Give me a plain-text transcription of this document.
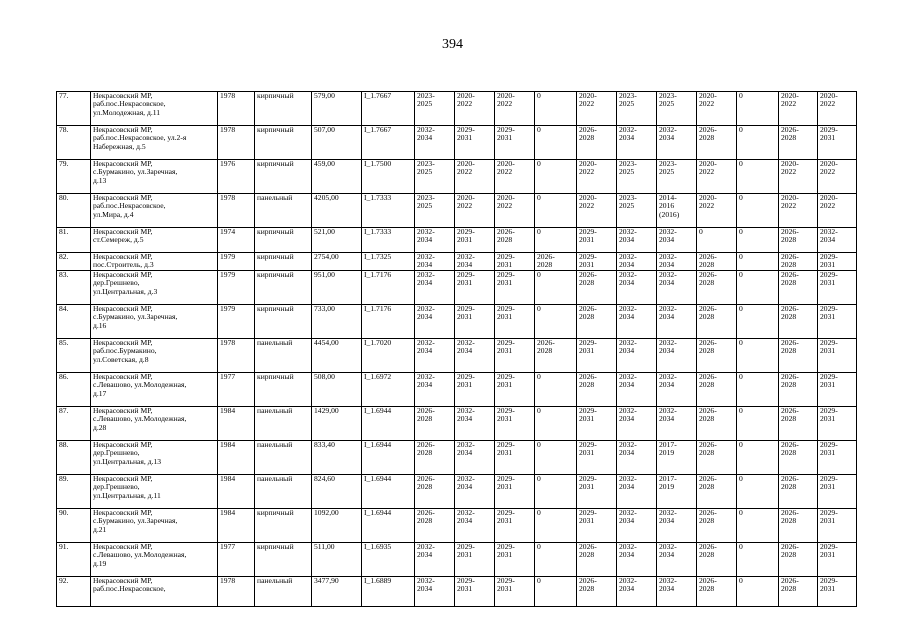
394
77.	Некрасовский МР,
раб.пос.Некрасовское,
ул.Молодежная, д.11	1978	кирпичный	579,00	I_1.7667	2023-
2025	2020-
2022	2020-
2022	0	2020-
2022	2023-
2025	2023-
2025	2020-
2022	0	2020-
2022	2020-
2022
78.	Некрасовский МР,
раб.пос.Некрасовское, ул.2-я
Набережная, д.5	1978	кирпичный	507,00	I_1.7667	2032-
2034	2029-
2031	2029-
2031	0	2026-
2028	2032-
2034	2032-
2034	2026-
2028	0	2026-
2028	2029-
2031
79.	Некрасовский МР,
с.Бурмакино, ул.Заречная,
д.13	1976	кирпичный	459,00	I_1.7500	2023-
2025	2020-
2022	2020-
2022	0	2020-
2022	2023-
2025	2023-
2025	2020-
2022	0	2020-
2022	2020-
2022
80.	Некрасовский МР,
раб.пос.Некрасовское,
ул.Мира, д.4	1978	панельный	4205,00	I_1.7333	2023-
2025	2020-
2022	2020-
2022	0	2020-
2022	2023-
2025	2014-
2016
(2016)	2020-
2022	0	2020-
2022	2020-
2022
81.	Некрасовский МР,
ст.Семереж, д.5	1974	кирпичный	521,00	I_1.7333	2032-
2034	2029-
2031	2026-
2028	0	2029-
2031	2032-
2034	2032-
2034	0	0	2026-
2028	2032-
2034
82.	Некрасовский МР,
пос.Строитель, д.3	1979	кирпичный	2754,00	I_1.7325	2032-
2034	2032-
2034	2029-
2031	2026-
2028	2029-
2031	2032-
2034	2032-
2034	2026-
2028	0	2026-
2028	2029-
2031
83.	Некрасовский МР,
дер.Грешнево,
ул.Центральная, д.3	1979	кирпичный	951,00	I_1.7176	2032-
2034	2029-
2031	2029-
2031	0	2026-
2028	2032-
2034	2032-
2034	2026-
2028	0	2026-
2028	2029-
2031
84.	Некрасовский МР,
с.Бурмакино, ул.Заречная,
д.16	1979	кирпичный	733,00	I_1.7176	2032-
2034	2029-
2031	2029-
2031	0	2026-
2028	2032-
2034	2032-
2034	2026-
2028	0	2026-
2028	2029-
2031
85.	Некрасовский МР,
раб.пос.Бурмакино,
ул.Советская, д.8	1978	панельный	4454,00	I_1.7020	2032-
2034	2032-
2034	2029-
2031	2026-
2028	2029-
2031	2032-
2034	2032-
2034	2026-
2028	0	2026-
2028	2029-
2031
86.	Некрасовский МР,
с.Левашово, ул.Молодежная,
д.17	1977	кирпичный	508,00	I_1.6972	2032-
2034	2029-
2031	2029-
2031	0	2026-
2028	2032-
2034	2032-
2034	2026-
2028	0	2026-
2028	2029-
2031
87.	Некрасовский МР,
с.Левашово, ул.Молодежная,
д.28	1984	панельный	1429,00	I_1.6944	2026-
2028	2032-
2034	2029-
2031	0	2029-
2031	2032-
2034	2032-
2034	2026-
2028	0	2026-
2028	2029-
2031
88.	Некрасовский МР,
дер.Грешнево,
ул.Центральная, д.13	1984	панельный	833,40	I_1.6944	2026-
2028	2032-
2034	2029-
2031	0	2029-
2031	2032-
2034	2017-
2019	2026-
2028	0	2026-
2028	2029-
2031
89.	Некрасовский МР,
дер.Грешнево,
ул.Центральная, д.11	1984	панельный	824,60	I_1.6944	2026-
2028	2032-
2034	2029-
2031	0	2029-
2031	2032-
2034	2017-
2019	2026-
2028	0	2026-
2028	2029-
2031
90.	Некрасовский МР,
с.Бурмакино, ул.Заречная,
д.21	1984	кирпичный	1092,00	I_1.6944	2026-
2028	2032-
2034	2029-
2031	0	2029-
2031	2032-
2034	2032-
2034	2026-
2028	0	2026-
2028	2029-
2031
91.	Некрасовский МР,
с.Левашово, ул.Молодежная,
д.19	1977	кирпичный	511,00	I_1.6935	2032-
2034	2029-
2031	2029-
2031	0	2026-
2028	2032-
2034	2032-
2034	2026-
2028	0	2026-
2028	2029-
2031
92.	Некрасовский МР,
раб.пос.Некрасовское,	1978	панельный	3477,90	I_1.6889	2032-
2034	2029-
2031	2029-
2031	0	2026-
2028	2032-
2034	2032-
2034	2026-
2028	0	2026-
2028	2029-
2031
